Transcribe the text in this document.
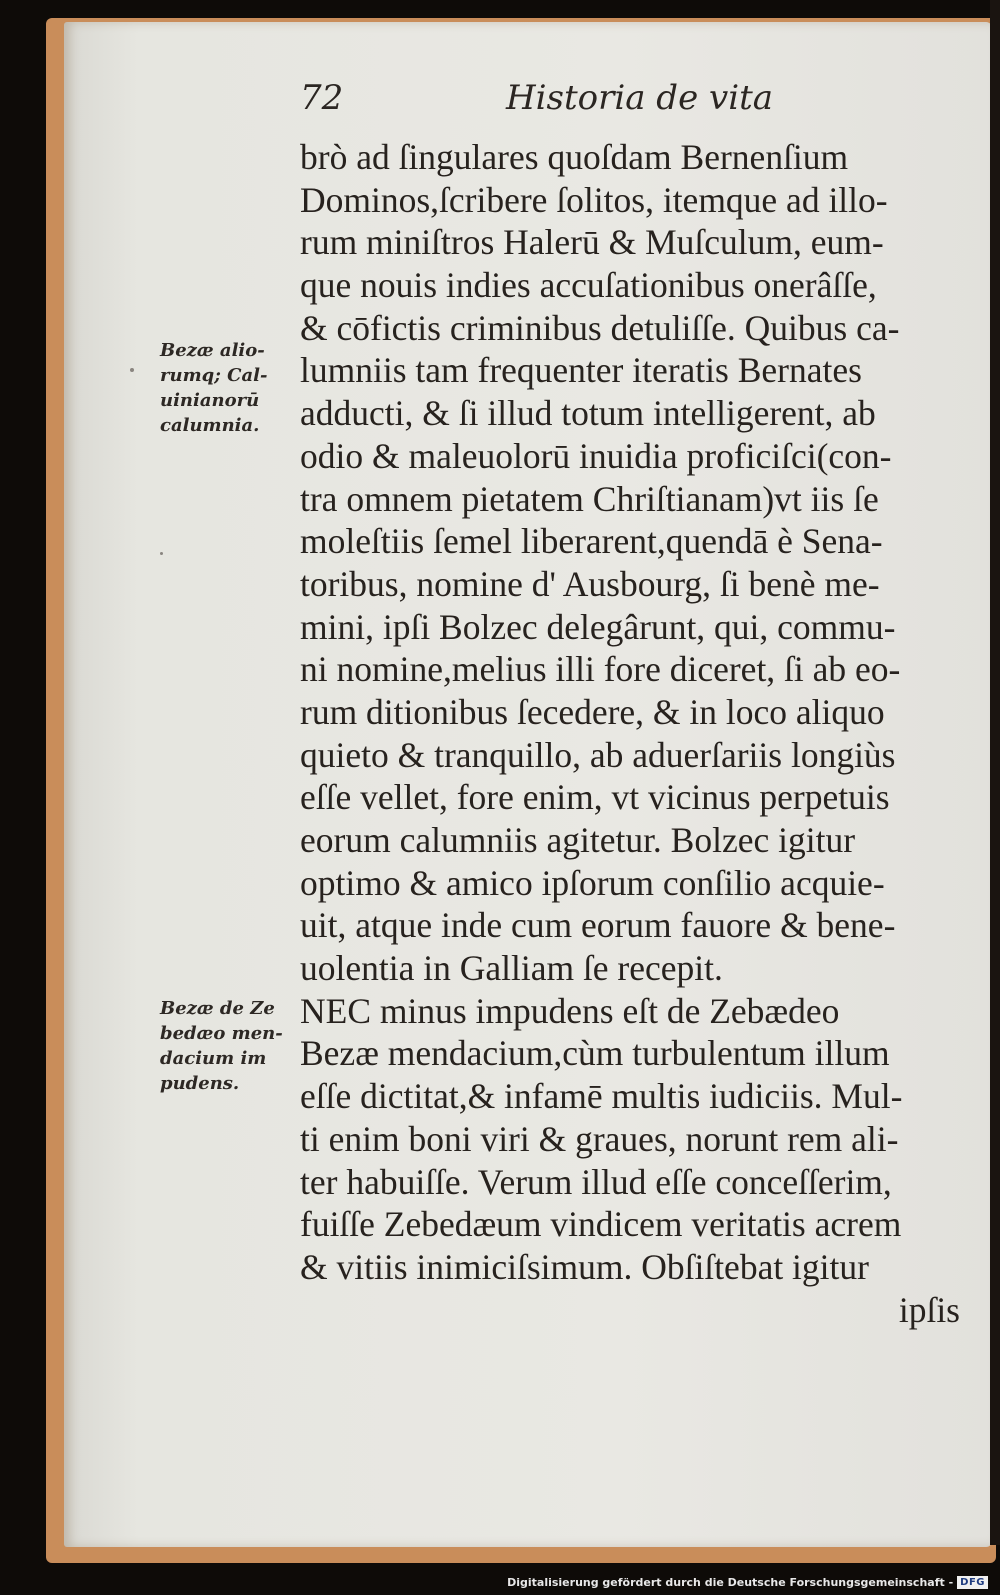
72	Historia de vita
Bezæ alio-
rumq; Cal-
uinianorū
calumnia.
Bezæ de Ze
bedæo men-
dacium im
pudens.
brò ad ſingulares quoſdam Bernenſium
Dominos,ſcribere ſolitos, itemque ad illo-
rum miniſtros Halerū & Muſculum, eum-
que nouis indies accuſationibus onerâſſe,
& cōfictis criminibus detuliſſe. Quibus ca-
lumniis tam frequenter iteratis Bernates
adducti, & ſi illud totum intelligerent, ab
odio & maleuolorū inuidia proficiſci(con-
tra omnem pietatem Chriſtianam)vt iis ſe
moleſtiis ſemel liberarent,quendā è Sena-
toribus, nomine d' Ausbourg, ſi benè me-
mini, ipſi Bolzec delegârunt, qui, commu-
ni nomine,melius illi fore diceret, ſi ab eo-
rum ditionibus ſecedere, & in loco aliquo
quieto & tranquillo, ab aduerſariis longiùs
eſſe vellet, fore enim, vt vicinus perpetuis
eorum calumniis agitetur. Bolzec igitur
optimo & amico ipſorum conſilio acquie-
uit, atque inde cum eorum fauore & bene-
uolentia in Galliam ſe recepit.
NEC minus impudens eſt de Zebædeo
Bezæ mendacium,cùm turbulentum illum
eſſe dictitat,& infamē multis iudiciis. Mul-
ti enim boni viri & graues, norunt rem ali-
ter habuiſſe. Verum illud eſſe conceſſerim,
fuiſſe Zebedæum vindicem veritatis acrem
& vitiis inimiciſsimum. Obſiſtebat igitur
ipſis
Digitalisierung gefördert durch die Deutsche Forschungsgemeinschaft - DFG
